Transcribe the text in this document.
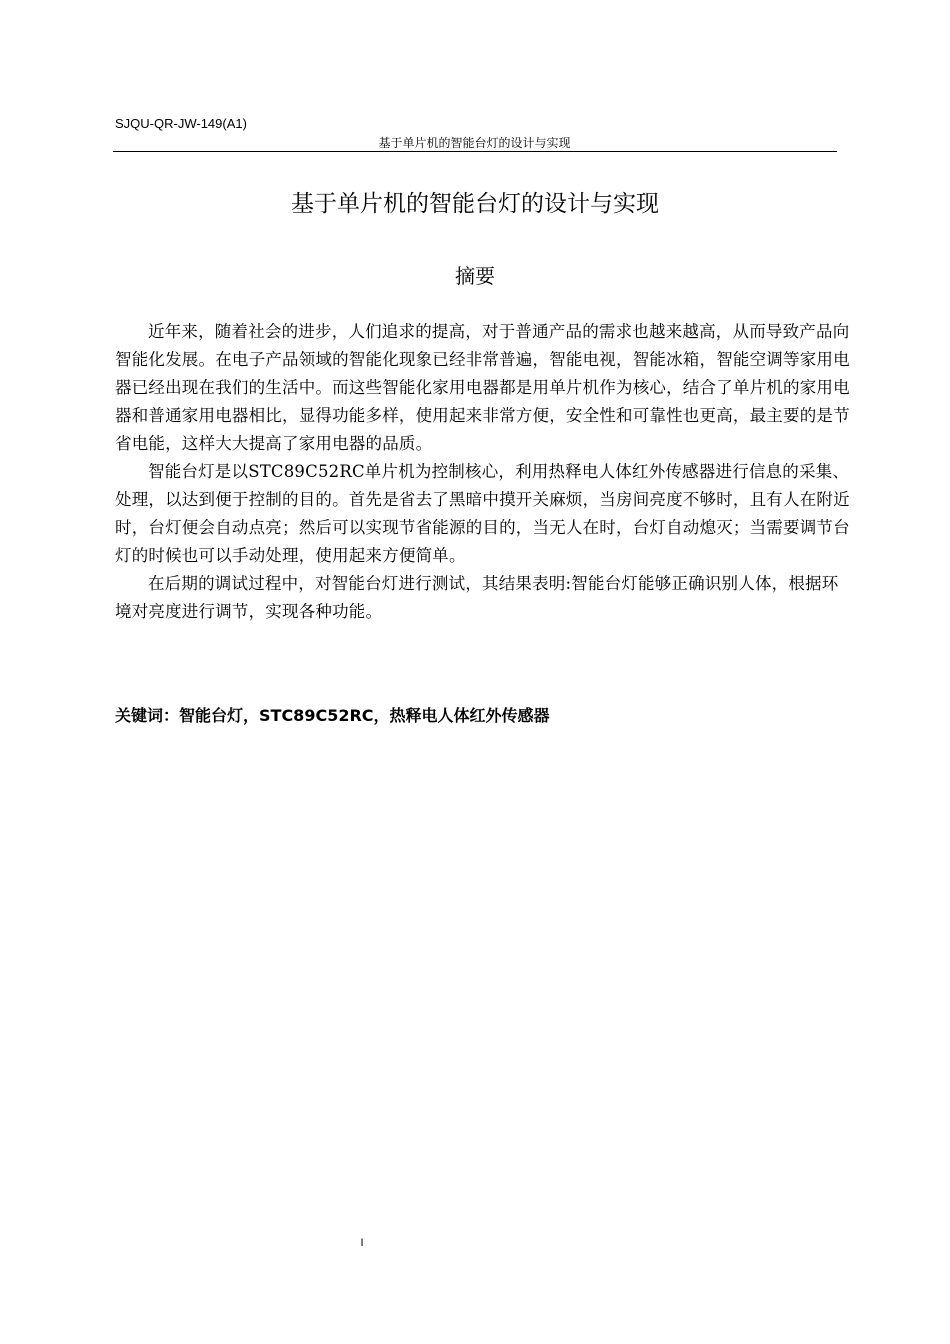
SJQU-QR-JW-149(A1)
基于单片机的智能台灯的设计与实现
基于单片机的智能台灯的设计与实现
摘要

近年来，随着社会的进步，人们追求的提高，对于普通产品的需求也越来越高，从而导致产品向智能化发展。在电子产品领域的智能化现象已经非常普遍，智能电视，智能冰箱，智能空调等家用电器已经出现在我们的生活中。而这些智能化家用电器都是用单片机作为核心，结合了单片机的家用电器和普通家用电器相比，显得功能多样，使用起来非常方便，安全性和可靠性也更高，最主要的是节省电能，这样大大提高了家用电器的品质。

智能台灯是以STC89C52RC单片机为控制核心，利用热释电人体红外传感器进行信息的采集、处理，以达到便于控制的目的。首先是省去了黑暗中摸开关麻烦，当房间亮度不够时，且有人在附近时，台灯便会自动点亮；然后可以实现节省能源的目的，当无人在时，台灯自动熄灭；当需要调节台灯的时候也可以手动处理，使用起来方便简单。

在后期的调试过程中，对智能台灯进行测试，其结果表明:智能台灯能够正确识别人体，根据环境对亮度进行调节，实现各种功能。

关键词：智能台灯，STC89C52RC，热释电人体红外传感器
I
